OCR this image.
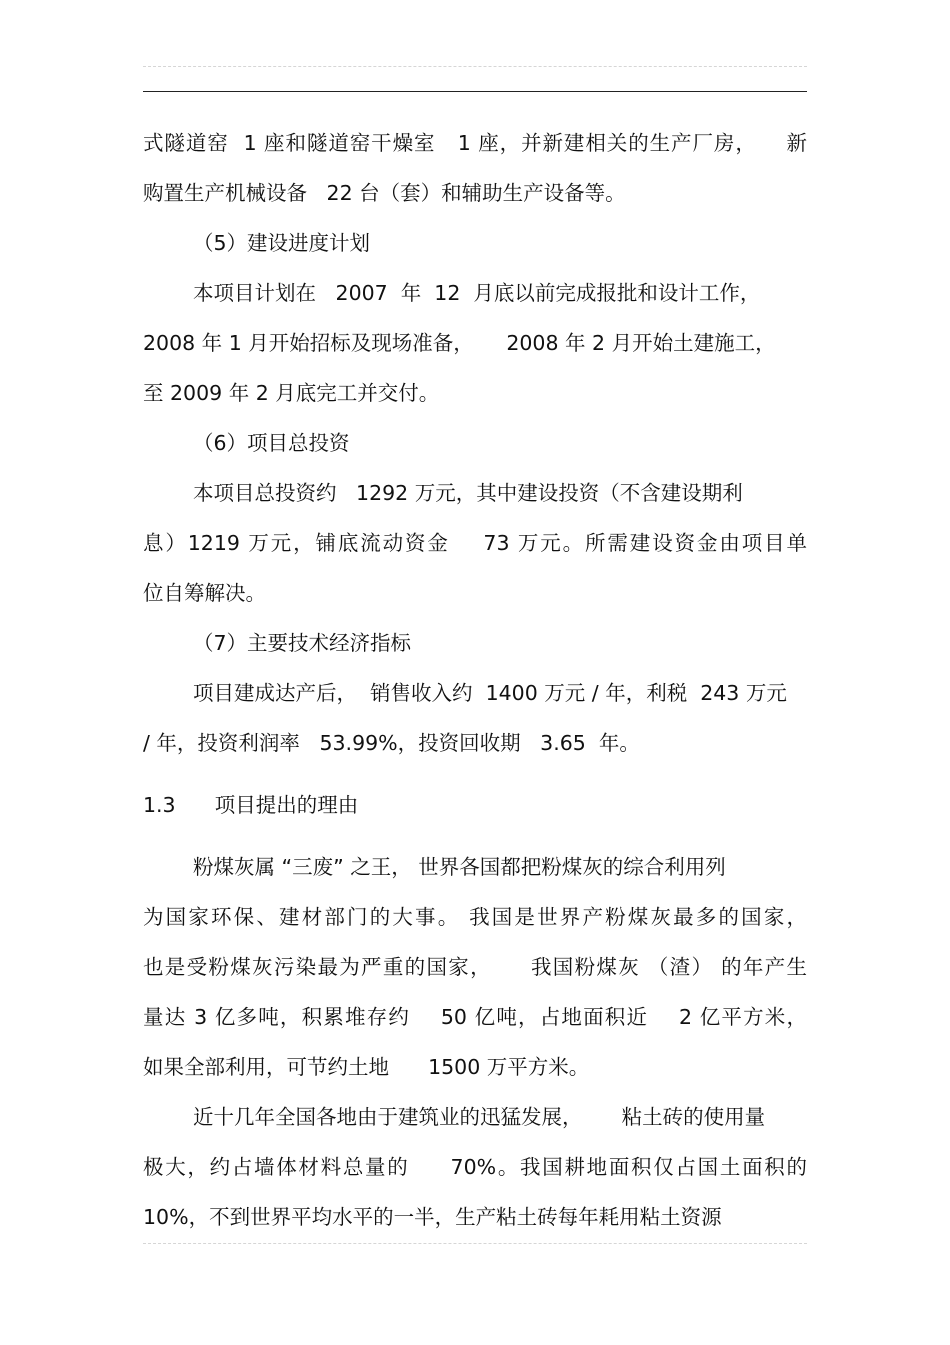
式隧道窑  1 座和隧道窑干燥室   1 座，并新建相关的生产厂房，    新
购置生产机械设备   22 台（套）和辅助生产设备等。
（5）建设进度计划
本项目计划在   2007  年  12  月底以前完成报批和设计工作，
2008 年 1 月开始招标及现场准备，     2008 年 2 月开始土建施工，
至 2009 年 2 月底完工并交付。
（6）项目总投资
本项目总投资约   1292 万元，其中建设投资（不含建设期利
息）1219 万元，铺底流动资金    73 万元。所需建设资金由项目单
位自筹解决。
（7）主要技术经济指标
项目建成达产后，  销售收入约  1400 万元 / 年，利税  243 万元
/ 年，投资利润率   53.99%，投资回收期   3.65  年。
1.3      项目提出的理由
粉煤灰属 “三废” 之王， 世界各国都把粉煤灰的综合利用列
为国家环保、建材部门的大事。 我国是世界产粉煤灰最多的国家，
也是受粉煤灰污染最为严重的国家，     我国粉煤灰 （渣） 的年产生
量达 3 亿多吨，积累堆存约    50 亿吨，占地面积近    2 亿平方米，
如果全部利用，可节约土地      1500 万平方米。
近十几年全国各地由于建筑业的迅猛发展，      粘土砖的使用量
极大，约占墙体材料总量的     70%。我国耕地面积仅占国土面积的
10%，不到世界平均水平的一半，生产粘土砖每年耗用粘土资源
